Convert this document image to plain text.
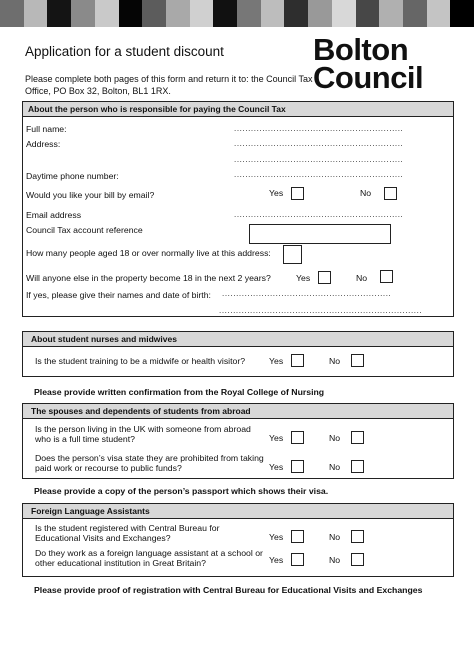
Application for a student discount
Please complete both pages of this form and return it to: the Council Tax
Office, PO Box 32, Bolton, BL1 1RX.
Bolton
Council
About the person who is responsible for paying the Council Tax
Full name:	............................................................
Address:	............................................................
............................................................
Daytime phone number:	............................................................
Would you like your bill by email?	Yes	No
Email address	............................................................
Council Tax account reference
How many people aged 18 or over normally live at this address:
Will anyone else in the property become 18 in the next 2 years?	Yes	No
If yes, please give their names and date of birth: ............................................................
........................................................................
About student nurses and midwives
Is the student training to be a midwife or health visitor?	Yes	No
Please provide written confirmation from the Royal College of Nursing
The spouses and dependents of students from abroad
Is the person living in the UK with someone from abroad
who is a full time student?	Yes	No
Does the person’s visa state they are prohibited from taking
paid work or recourse to public funds?	Yes	No
Please provide a copy of the person’s passport which shows their visa.
Foreign Language Assistants
Is the student registered with Central Bureau for
Educational Visits and Exchanges?	Yes	No
Do they work as a foreign language assistant at a school or
other educational institution in Great Britain?	Yes	No
Please provide proof of registration with Central Bureau for Educational Visits and Exchanges
